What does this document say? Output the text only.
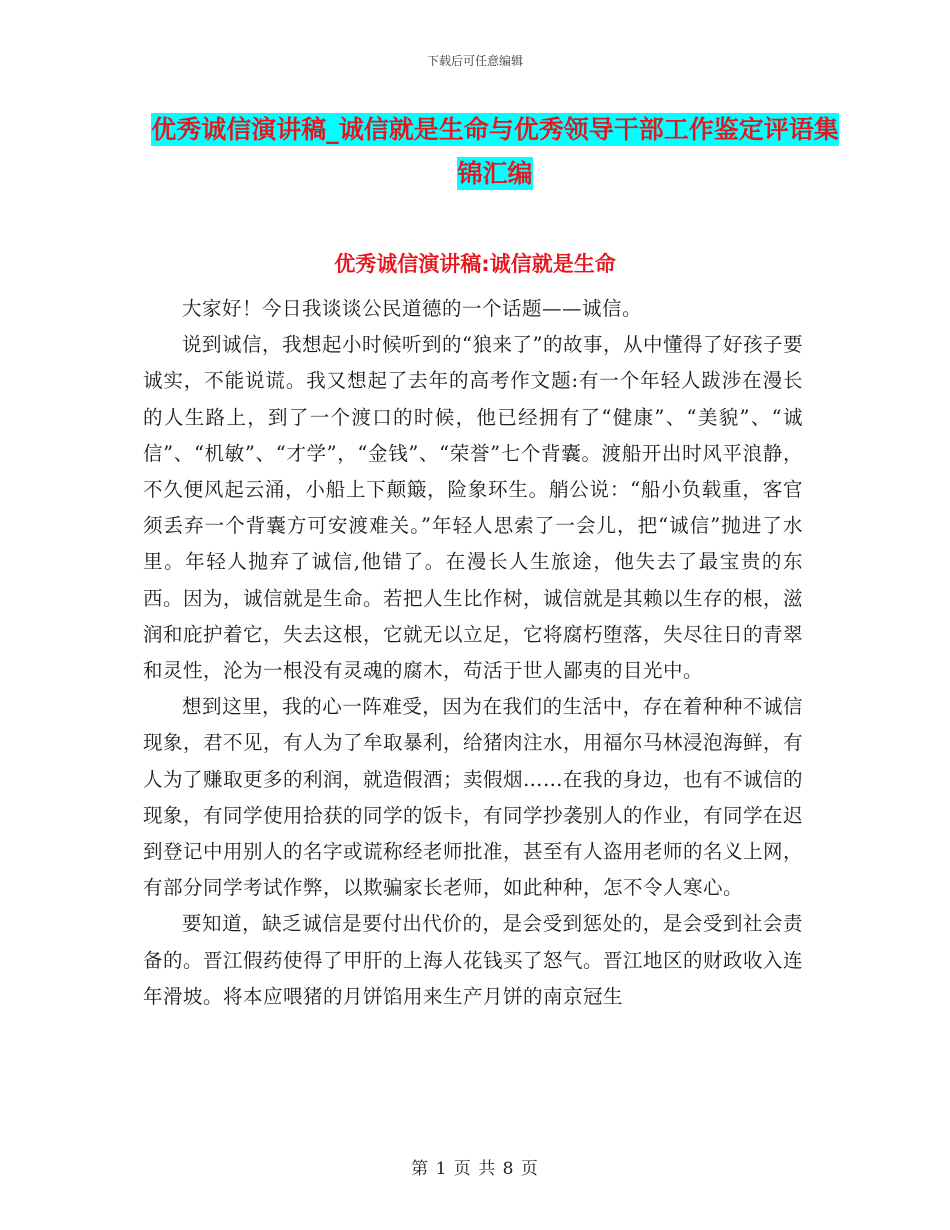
下载后可任意编辑
优秀诚信演讲稿_诚信就是生命与优秀领导干部工作鉴定评语集锦汇编
优秀诚信演讲稿:诚信就是生命

大家好！今日我谈谈公民道德的一个话题——诚信。

说到诚信，我想起小时候听到的“狼来了”的故事，从中懂得了好孩子要诚实，不能说谎。我又想起了去年的高考作文题:有一个年轻人跋涉在漫长的人生路上，到了一个渡口的时候，他已经拥有了“健康”、“美貌”、“诚信”、“机敏”、“才学”，“金钱”、“荣誉”七个背囊。渡船开出时风平浪静，不久便风起云涌，小船上下颠簸，险象环生。艄公说：“船小负载重，客官须丢弃一个背囊方可安渡难关。”年轻人思索了一会儿，把“诚信”抛进了水里。年轻人抛弃了诚信,他错了。在漫长人生旅途，他失去了最宝贵的东西。因为，诚信就是生命。若把人生比作树，诚信就是其赖以生存的根，滋润和庇护着它，失去这根，它就无以立足，它将腐朽堕落，失尽往日的青翠和灵性，沦为一根没有灵魂的腐木，苟活于世人鄙夷的目光中。

想到这里，我的心一阵难受，因为在我们的生活中，存在着种种不诚信现象，君不见，有人为了牟取暴利，给猪肉注水，用福尔马林浸泡海鲜，有人为了赚取更多的利润，就造假酒；卖假烟……在我的身边，也有不诚信的现象，有同学使用拾获的同学的饭卡，有同学抄袭别人的作业，有同学在迟到登记中用别人的名字或谎称经老师批准，甚至有人盗用老师的名义上网，有部分同学考试作弊，以欺骗家长老师，如此种种，怎不令人寒心。

要知道，缺乏诚信是要付出代价的，是会受到惩处的，是会受到社会责备的。晋江假药使得了甲肝的上海人花钱买了怒气。晋江地区的财政收入连年滑坡。将本应喂猪的月饼馅用来生产月饼的南京冠生

第 1 页 共 8 页
